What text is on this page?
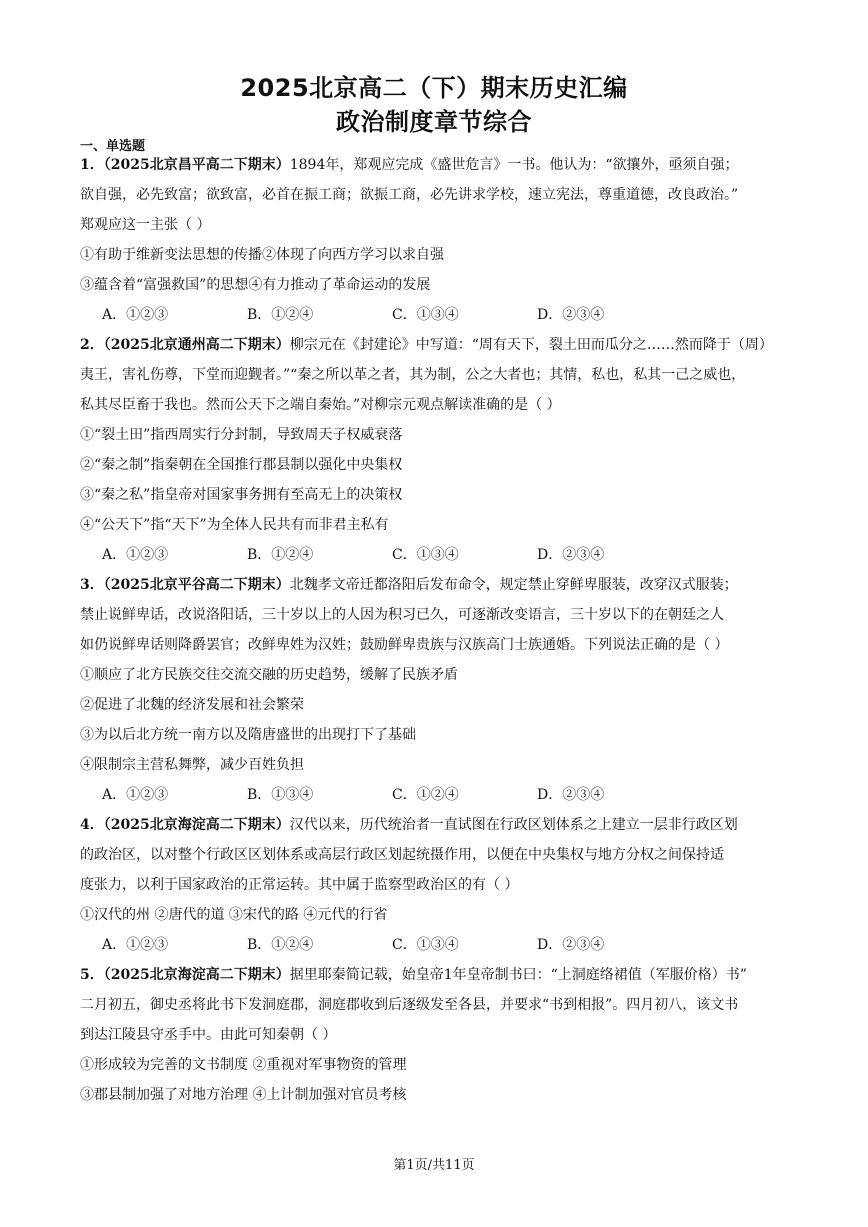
2025北京高二（下）期末历史汇编
政治制度章节综合
一、单选题
1．（2025北京昌平高二下期末）1894年，郑观应完成《盛世危言》一书。他认为：“欲攘外，亟须自强；
欲自强，必先致富；欲致富，必首在振工商；欲振工商，必先讲求学校，速立宪法，尊重道德，改良政治。”
郑观应这一主张（ ）
①有助于维新变法思想的传播②体现了向西方学习以求自强
③蕴含着“富强救国”的思想④有力推动了革命运动的发展
A．①②③	B．①②④	C．①③④	D．②③④
2．（2025北京通州高二下期末）柳宗元在《封建论》中写道：“周有天下，裂土田而瓜分之……然而降于（周）
夷王，害礼伤尊，下堂而迎觐者。”“秦之所以革之者，其为制，公之大者也；其情，私也，私其一己之威也，
私其尽臣畜于我也。然而公天下之端自秦始。”对柳宗元观点解读准确的是（ ）
①“裂土田”指西周实行分封制，导致周天子权威衰落
②“秦之制”指秦朝在全国推行郡县制以强化中央集权
③“秦之私”指皇帝对国家事务拥有至高无上的决策权
④“公天下”指“天下”为全体人民共有而非君主私有
A．①②③	B．①②④	C．①③④	D．②③④
3．（2025北京平谷高二下期末）北魏孝文帝迁都洛阳后发布命令，规定禁止穿鲜卑服装，改穿汉式服装；
禁止说鲜卑话，改说洛阳话，三十岁以上的人因为积习已久，可逐渐改变语言，三十岁以下的在朝廷之人
如仍说鲜卑话则降爵罢官；改鲜卑姓为汉姓；鼓励鲜卑贵族与汉族高门士族通婚。下列说法正确的是（ ）
①顺应了北方民族交往交流交融的历史趋势，缓解了民族矛盾
②促进了北魏的经济发展和社会繁荣
③为以后北方统一南方以及隋唐盛世的出现打下了基础
④限制宗主营私舞弊，减少百姓负担
A．①②③	B．①③④	C．①②④	D．②③④
4．（2025北京海淀高二下期末）汉代以来，历代统治者一直试图在行政区划体系之上建立一层非行政区划
的政治区，以对整个行政区区划体系或高层行政区划起统摄作用，以便在中央集权与地方分权之间保持适
度张力，以利于国家政治的正常运转。其中属于监察型政治区的有（ ）
①汉代的州 ②唐代的道 ③宋代的路 ④元代的行省
A．①②③	B．①②④	C．①③④	D．②③④
5．（2025北京海淀高二下期末）据里耶秦简记载，始皇帝1年皇帝制书曰：“上洞庭络裙值（军服价格）书”
二月初五，御史丞将此书下发洞庭郡，洞庭郡收到后逐级发至各县，并要求“书到相报”。四月初八，该文书
到达江陵县守丞手中。由此可知秦朝（ ）
①形成较为完善的文书制度 ②重视对军事物资的管理
③郡县制加强了对地方治理 ④上计制加强对官员考核
第1页/共11页
